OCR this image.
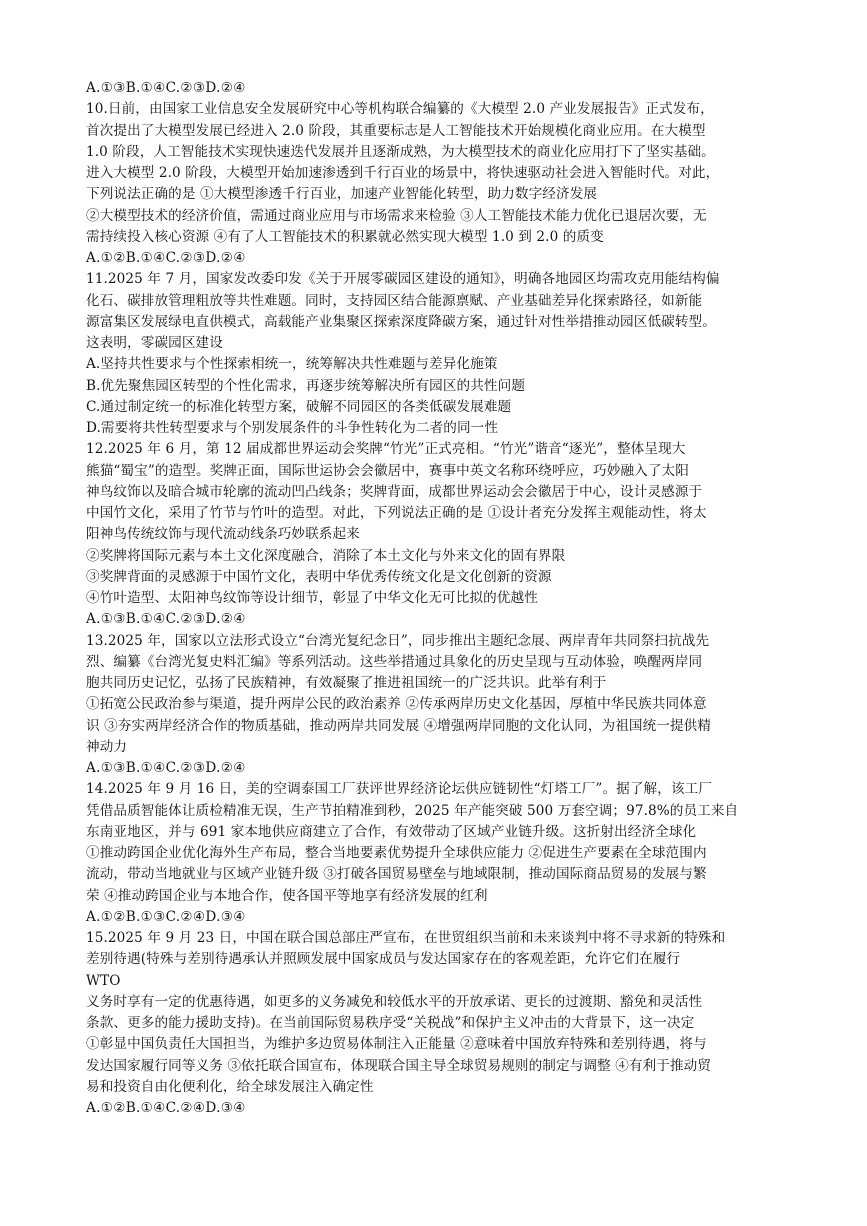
A.①③B.①④C.②③D.②④
10.日前，由国家工业信息安全发展研究中心等机构联合编纂的《大模型 2.0 产业发展报告》正式发布，
首次提出了大模型发展已经进入 2.0 阶段，其重要标志是人工智能技术开始规模化商业应用。在大模型
1.0 阶段，人工智能技术实现快速迭代发展并且逐渐成熟，为大模型技术的商业化应用打下了坚实基础。
进入大模型 2.0 阶段，大模型开始加速渗透到千行百业的场景中，将快速驱动社会进入智能时代。对此，
下列说法正确的是 ①大模型渗透千行百业，加速产业智能化转型，助力数字经济发展
②大模型技术的经济价值，需通过商业应用与市场需求来检验 ③人工智能技术能力优化已退居次要，无
需持续投入核心资源 ④有了人工智能技术的积累就必然实现大模型 1.0 到 2.0 的质变
A.①②B.①④C.②③D.②④
11.2025 年 7 月，国家发改委印发《关于开展零碳园区建设的通知》，明确各地园区均需攻克用能结构偏
化石、碳排放管理粗放等共性难题。同时，支持园区结合能源禀赋、产业基础差异化探索路径，如新能
源富集区发展绿电直供模式，高载能产业集聚区探索深度降碳方案，通过针对性举措推动园区低碳转型。
这表明，零碳园区建设
A.坚持共性要求与个性探索相统一，统筹解决共性难题与差异化施策
B.优先聚焦园区转型的个性化需求，再逐步统筹解决所有园区的共性问题
C.通过制定统一的标准化转型方案，破解不同园区的各类低碳发展难题
D.需要将共性转型要求与个别发展条件的斗争性转化为二者的同一性
12.2025 年 6 月，第 12 届成都世界运动会奖牌“竹光”正式亮相。“竹光”谐音“逐光”，整体呈现大
熊猫“蜀宝”的造型。奖牌正面，国际世运协会会徽居中，赛事中英文名称环绕呼应，巧妙融入了太阳
神鸟纹饰以及暗合城市轮廓的流动凹凸线条；奖牌背面，成都世界运动会会徽居于中心，设计灵感源于
中国竹文化，采用了竹节与竹叶的造型。对此，下列说法正确的是 ①设计者充分发挥主观能动性，将太
阳神鸟传统纹饰与现代流动线条巧妙联系起来
②奖牌将国际元素与本土文化深度融合，消除了本土文化与外来文化的固有界限
③奖牌背面的灵感源于中国竹文化，表明中华优秀传统文化是文化创新的资源
④竹叶造型、太阳神鸟纹饰等设计细节，彰显了中华文化无可比拟的优越性
A.①③B.①④C.②③D.②④
13.2025 年，国家以立法形式设立“台湾光复纪念日”，同步推出主题纪念展、两岸青年共同祭扫抗战先
烈、编纂《台湾光复史料汇编》等系列活动。这些举措通过具象化的历史呈现与互动体验，唤醒两岸同
胞共同历史记忆，弘扬了民族精神，有效凝聚了推进祖国统一的广泛共识。此举有利于
①拓宽公民政治参与渠道，提升两岸公民的政治素养 ②传承两岸历史文化基因，厚植中华民族共同体意
识 ③夯实两岸经济合作的物质基础，推动两岸共同发展 ④增强两岸同胞的文化认同，为祖国统一提供精
神动力
A.①③B.①④C.②③D.②④
14.2025 年 9 月 16 日，美的空调泰国工厂获评世界经济论坛供应链韧性“灯塔工厂”。据了解，该工厂
凭借品质智能体让质检精准无误，生产节拍精准到秒，2025 年产能突破 500 万套空调；97.8%的员工来自
东南亚地区，并与 691 家本地供应商建立了合作，有效带动了区域产业链升级。这折射出经济全球化
①推动跨国企业优化海外生产布局，整合当地要素优势提升全球供应能力 ②促进生产要素在全球范围内
流动，带动当地就业与区域产业链升级 ③打破各国贸易壁垒与地域限制，推动国际商品贸易的发展与繁
荣 ④推动跨国企业与本地合作，使各国平等地享有经济发展的红利
A.①②B.①③C.②④D.③④
15.2025 年 9 月 23 日，中国在联合国总部庄严宣布，在世贸组织当前和未来谈判中将不寻求新的特殊和
差别待遇(特殊与差别待遇承认并照顾发展中国家成员与发达国家存在的客观差距，允许它们在履行
WTO
义务时享有一定的优惠待遇，如更多的义务减免和较低水平的开放承诺、更长的过渡期、豁免和灵活性
条款、更多的能力援助支持)。在当前国际贸易秩序受“关税战”和保护主义冲击的大背景下，这一决定
①彰显中国负责任大国担当，为维护多边贸易体制注入正能量 ②意味着中国放弃特殊和差别待遇，将与
发达国家履行同等义务 ③依托联合国宣布，体现联合国主导全球贸易规则的制定与调整 ④有利于推动贸
易和投资自由化便利化，给全球发展注入确定性
A.①②B.①④C.②④D.③④
